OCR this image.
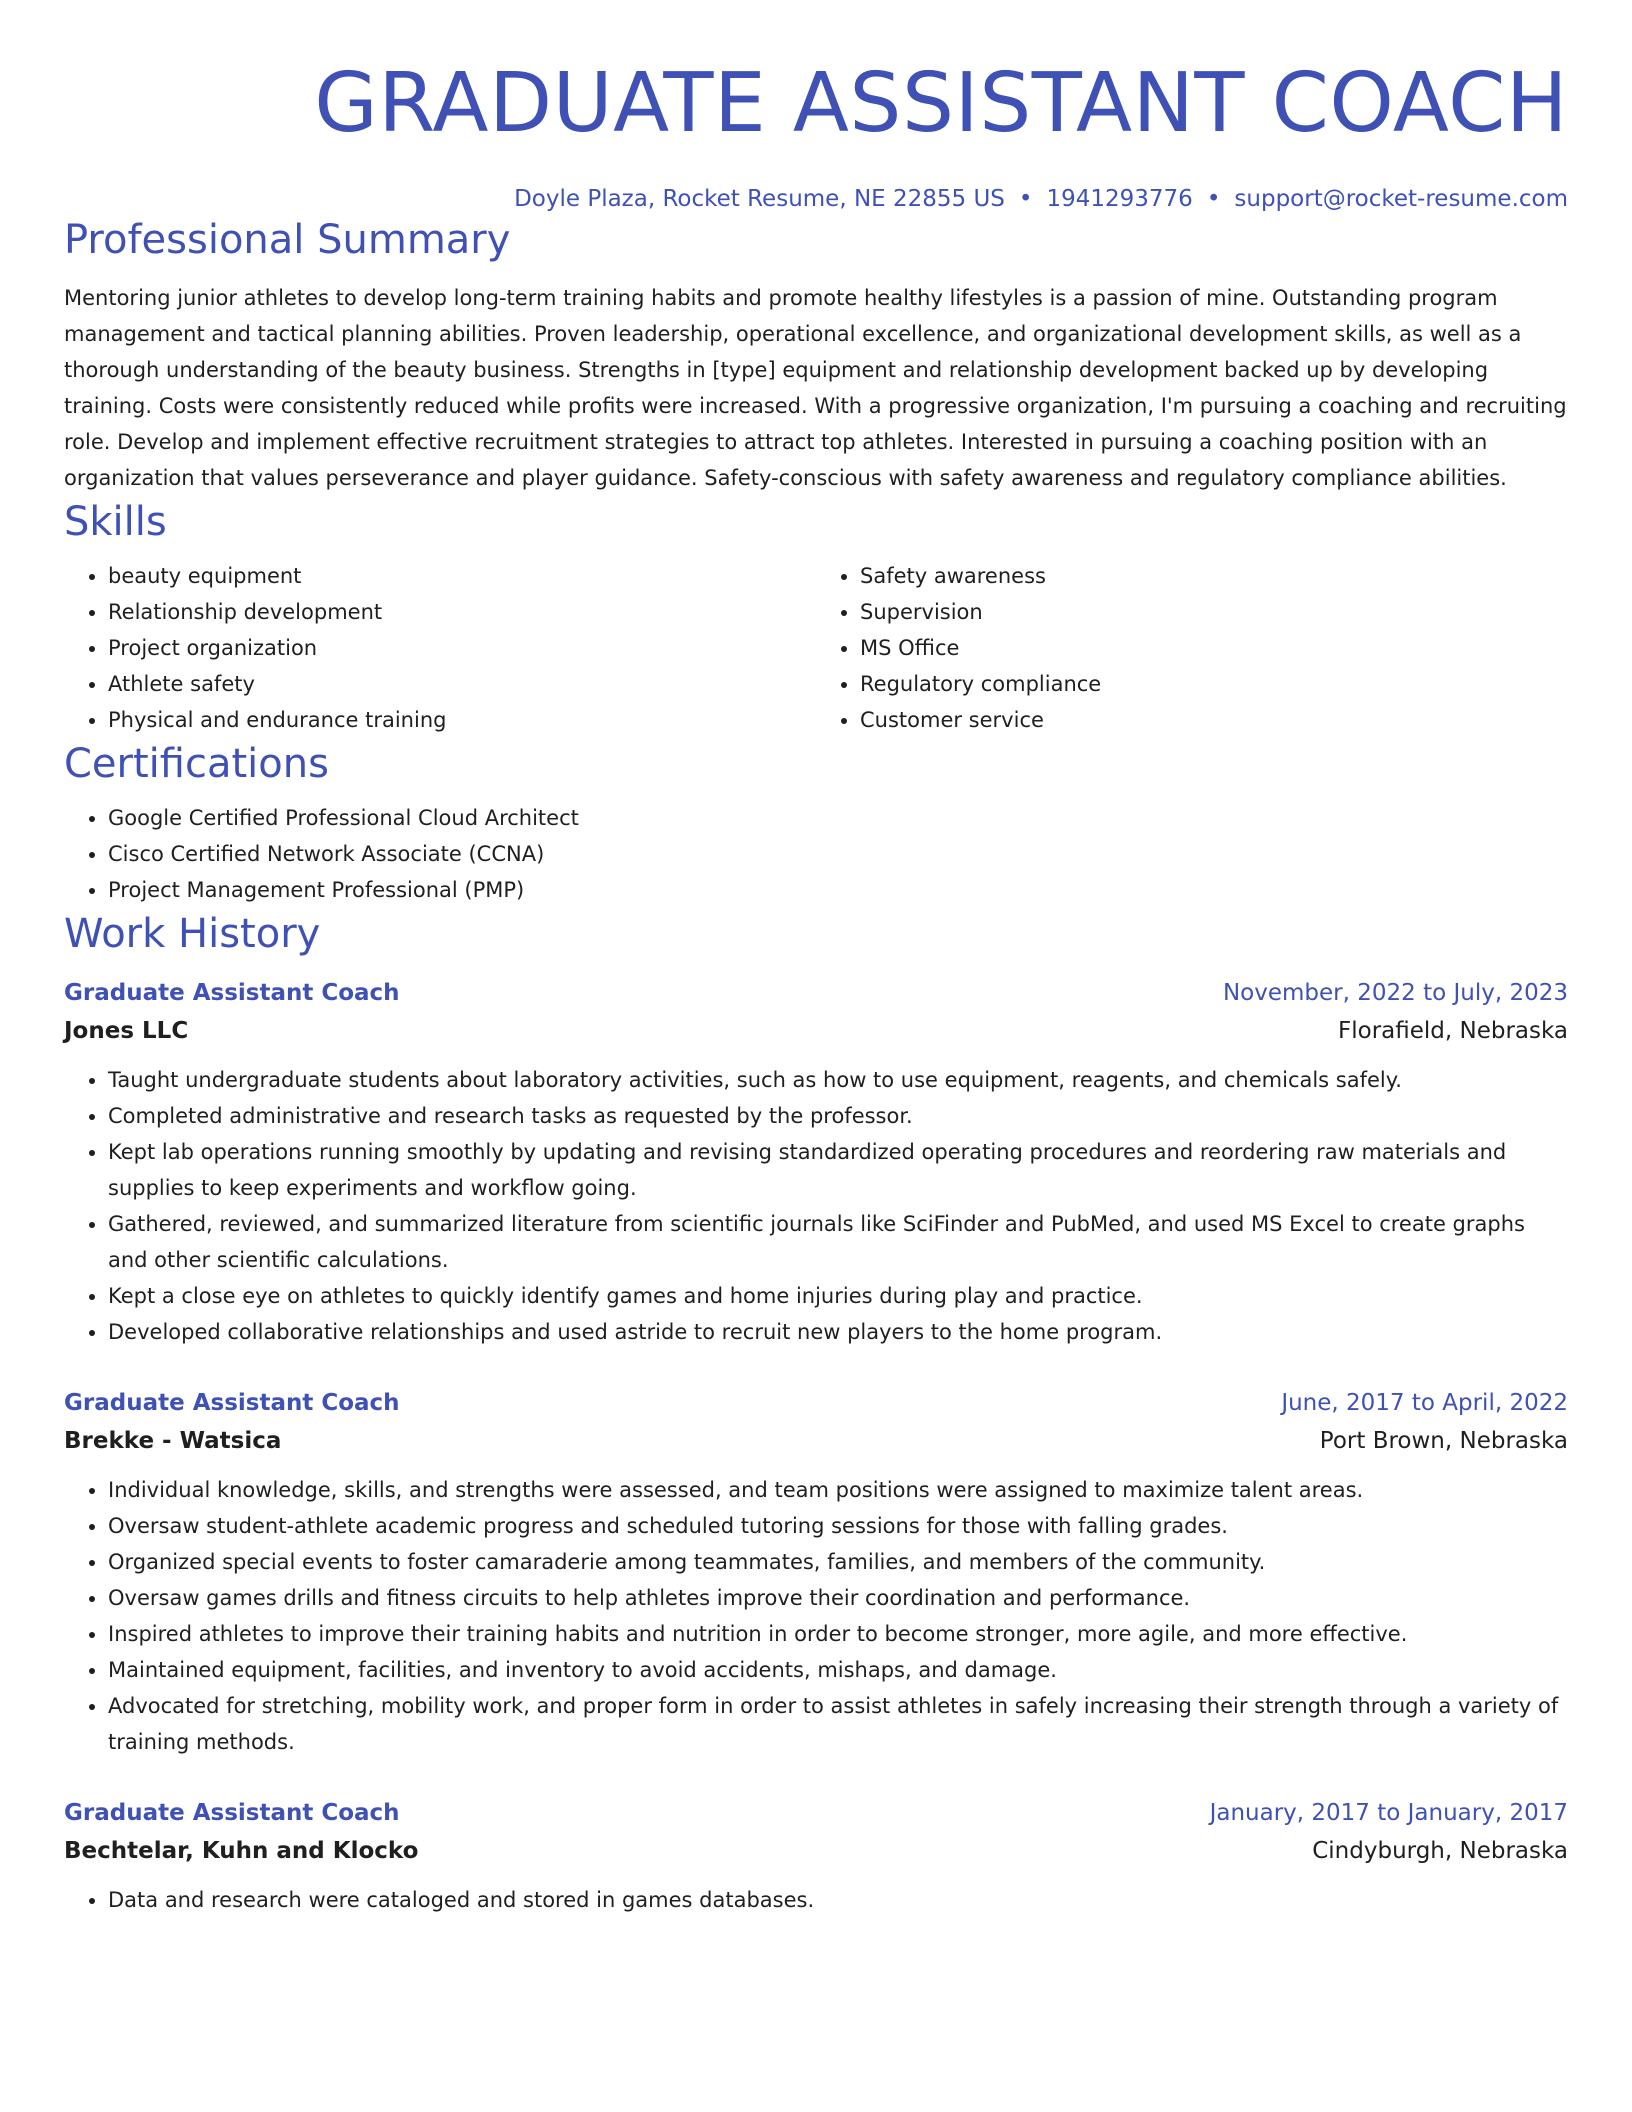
GRADUATE ASSISTANT COACH
Doyle Plaza, Rocket Resume, NE 22855 US • 1941293776 • support@rocket-resume.com
Professional Summary
Mentoring junior athletes to develop long-term training habits and promote healthy lifestyles is a passion of mine. Outstanding program management and tactical planning abilities. Proven leadership, operational excellence, and organizational development skills, as well as a thorough understanding of the beauty business. Strengths in [type] equipment and relationship development backed up by developing training. Costs were consistently reduced while profits were increased. With a progressive organization, I'm pursuing a coaching and recruiting role. Develop and implement effective recruitment strategies to attract top athletes. Interested in pursuing a coaching position with an organization that values perseverance and player guidance. Safety-conscious with safety awareness and regulatory compliance abilities.
Skills
• beauty equipment
• Relationship development
• Project organization
• Athlete safety
• Physical and endurance training
• Safety awareness
• Supervision
• MS Office
• Regulatory compliance
• Customer service
Certifications
• Google Certified Professional Cloud Architect
• Cisco Certified Network Associate (CCNA)
• Project Management Professional (PMP)
Work History
Graduate Assistant Coach	November, 2022 to July, 2023
Jones LLC	Florafield, Nebraska
• Taught undergraduate students about laboratory activities, such as how to use equipment, reagents, and chemicals safely.
• Completed administrative and research tasks as requested by the professor.
• Kept lab operations running smoothly by updating and revising standardized operating procedures and reordering raw materials and supplies to keep experiments and workflow going.
• Gathered, reviewed, and summarized literature from scientific journals like SciFinder and PubMed, and used MS Excel to create graphs and other scientific calculations.
• Kept a close eye on athletes to quickly identify games and home injuries during play and practice.
• Developed collaborative relationships and used astride to recruit new players to the home program.
Graduate Assistant Coach	June, 2017 to April, 2022
Brekke - Watsica	Port Brown, Nebraska
• Individual knowledge, skills, and strengths were assessed, and team positions were assigned to maximize talent areas.
• Oversaw student-athlete academic progress and scheduled tutoring sessions for those with falling grades.
• Organized special events to foster camaraderie among teammates, families, and members of the community.
• Oversaw games drills and fitness circuits to help athletes improve their coordination and performance.
• Inspired athletes to improve their training habits and nutrition in order to become stronger, more agile, and more effective.
• Maintained equipment, facilities, and inventory to avoid accidents, mishaps, and damage.
• Advocated for stretching, mobility work, and proper form in order to assist athletes in safely increasing their strength through a variety of training methods.
Graduate Assistant Coach	January, 2017 to January, 2017
Bechtelar, Kuhn and Klocko	Cindyburgh, Nebraska
• Data and research were cataloged and stored in games databases.
